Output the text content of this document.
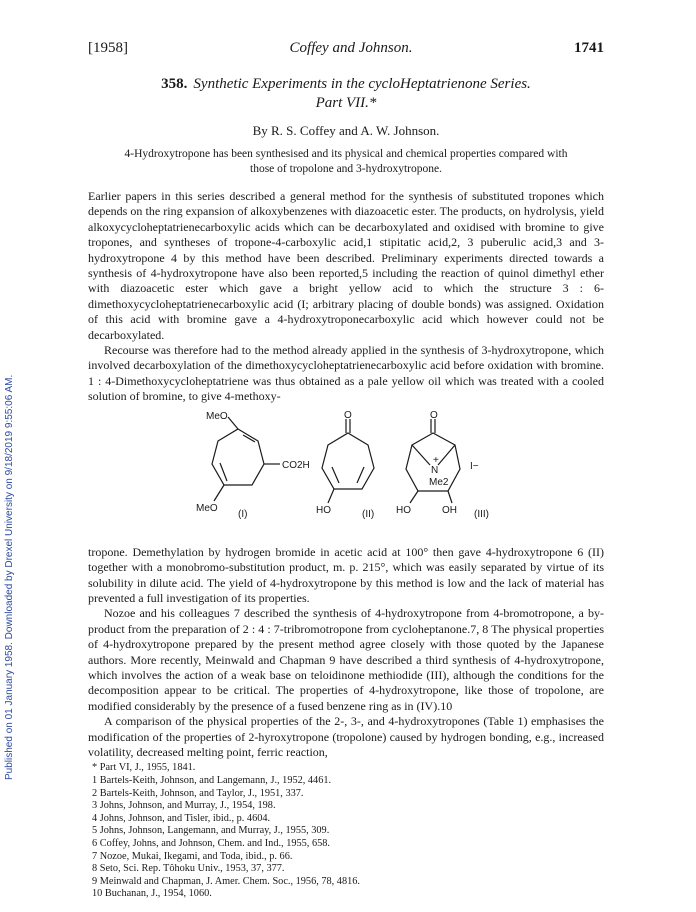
Published on 01 January 1958. Downloaded by Drexel University on 9/18/2019 9:55:06 AM.
[1958]	Coffey and Johnson.	1741
358. Synthetic Experiments in the cycloHeptatrienone Series.
Part VII.*
By R. S. Coffey and A. W. Johnson.
4-Hydroxytropone has been synthesised and its physical and chemical properties compared with those of tropolone and 3-hydroxytropone.

Earlier papers in this series described a general method for the synthesis of substituted tropones which depends on the ring expansion of alkoxybenzenes with diazoacetic ester. The products, on hydrolysis, yield alkoxycycloheptatrienecarboxylic acids which can be decarboxylated and oxidised with bromine to give tropones, and syntheses of tropone-4-carboxylic acid,1 stipitatic acid,2, 3 puberulic acid,3 and 3-hydroxytropone 4 by this method have been described. Preliminary experiments directed towards a synthesis of 4-hydroxytropone have also been reported,5 including the reaction of quinol dimethyl ether with diazoacetic ester which gave a bright yellow acid to which the structure 3 : 6-dimethoxycycloheptatrienecarboxylic acid (I; arbitrary placing of double bonds) was assigned. Oxidation of this acid with bromine gave a 4-hydroxytroponecarboxylic acid which however could not be decarboxylated.

Recourse was therefore had to the method already applied in the synthesis of 3-hydroxytropone, which involved decarboxylation of the dimethoxycycloheptatrienecarboxylic acid before oxidation with bromine. 1 : 4-Dimethoxycycloheptatriene was thus obtained as a pale yellow oil which was treated with a cooled solution of bromine, to give 4-methoxy-

MeO
CO2H
MeO
(I)
O
HO	(II)
O
+
N
Me2
I−
HO	OH (III)

tropone. Demethylation by hydrogen bromide in acetic acid at 100° then gave 4-hydroxytropone 6 (II) together with a monobromo-substitution product, m. p. 215°, which was easily separated by virtue of its solubility in dilute acid. The yield of 4-hydroxytropone by this method is low and the lack of material has prevented a full investigation of its properties.

Nozoe and his colleagues 7 described the synthesis of 4-hydroxytropone from 4-bromotropone, a by-product from the preparation of 2 : 4 : 7-tribromotropone from cycloheptanone.7, 8 The physical properties of 4-hydroxytropone prepared by the present method agree closely with those quoted by the Japanese authors. More recently, Meinwald and Chapman 9 have described a third synthesis of 4-hydroxytropone, which involves the action of a weak base on teloidinone methiodide (III), although the conditions for the decomposition appear to be critical. The properties of 4-hydroxytropone, like those of tropolone, are modified considerably by the presence of a fused benzene ring as in (IV).10

A comparison of the physical properties of the 2-, 3-, and 4-hydroxytropones (Table 1) emphasises the modification of the properties of 2-hyroxytropone (tropolone) caused by hydrogen bonding, e.g., increased volatility, decreased melting point, ferric reaction,

* Part VI, J., 1955, 1841.
1 Bartels-Keith, Johnson, and Langemann, J., 1952, 4461.
2 Bartels-Keith, Johnson, and Taylor, J., 1951, 337.
3 Johns, Johnson, and Murray, J., 1954, 198.
4 Johns, Johnson, and Tisler, ibid., p. 4604.
5 Johns, Johnson, Langemann, and Murray, J., 1955, 309.
6 Coffey, Johns, and Johnson, Chem. and Ind., 1955, 658.
7 Nozoe, Mukai, Ikegami, and Toda, ibid., p. 66.
8 Seto, Sci. Rep. Tôhoku Univ., 1953, 37, 377.
9 Meinwald and Chapman, J. Amer. Chem. Soc., 1956, 78, 4816.
10 Buchanan, J., 1954, 1060.
